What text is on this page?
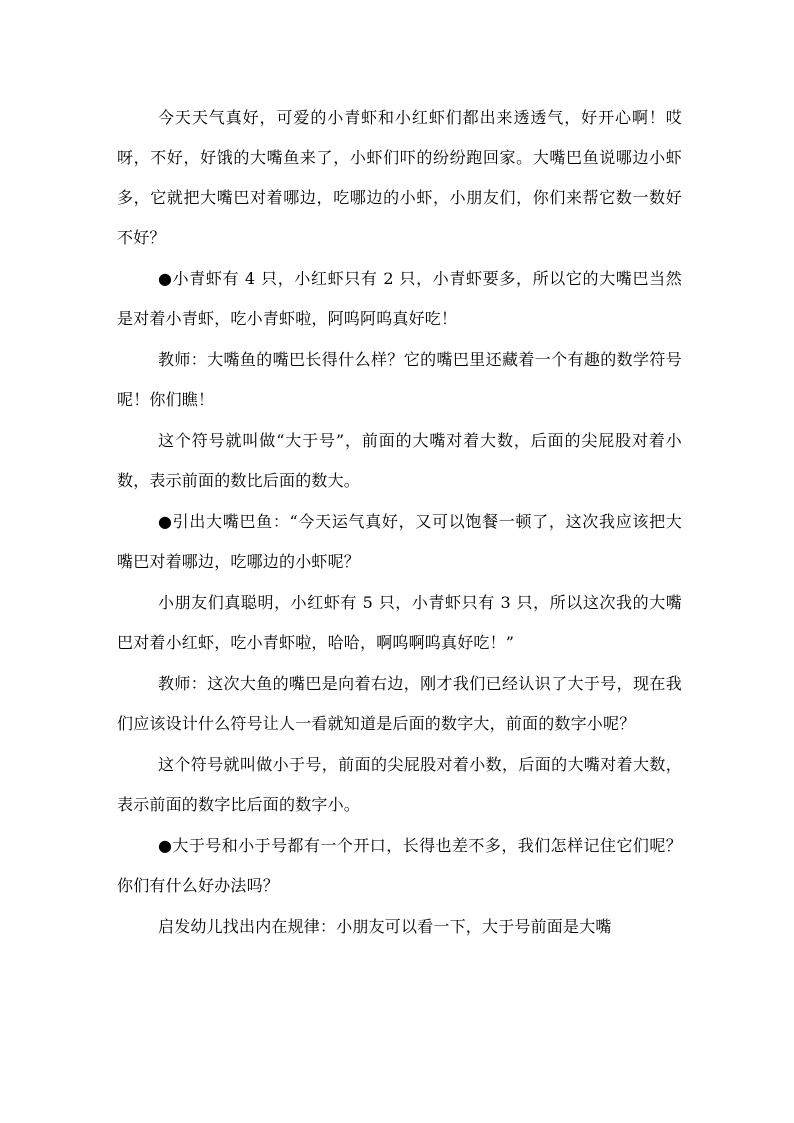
今天天气真好，可爱的小青虾和小红虾们都出来透透气，好开心啊！哎呀，不好，好饿的大嘴鱼来了，小虾们吓的纷纷跑回家。大嘴巴鱼说哪边小虾多，它就把大嘴巴对着哪边，吃哪边的小虾，小朋友们，你们来帮它数一数好不好？

●小青虾有 4 只，小红虾只有 2 只，小青虾要多，所以它的大嘴巴当然是对着小青虾，吃小青虾啦，阿呜阿呜真好吃！

教师：大嘴鱼的嘴巴长得什么样？它的嘴巴里还藏着一个有趣的数学符号呢！你们瞧！

这个符号就叫做“大于号”，前面的大嘴对着大数，后面的尖屁股对着小数，表示前面的数比后面的数大。

●引出大嘴巴鱼：“今天运气真好，又可以饱餐一顿了，这次我应该把大嘴巴对着哪边，吃哪边的小虾呢？

小朋友们真聪明，小红虾有 5 只，小青虾只有 3 只，所以这次我的大嘴巴对着小红虾，吃小青虾啦，哈哈，啊呜啊呜真好吃！”

教师：这次大鱼的嘴巴是向着右边，刚才我们已经认识了大于号，现在我们应该设计什么符号让人一看就知道是后面的数字大，前面的数字小呢？

这个符号就叫做小于号，前面的尖屁股对着小数，后面的大嘴对着大数，表示前面的数字比后面的数字小。

●大于号和小于号都有一个开口，长得也差不多，我们怎样记住它们呢？你们有什么好办法吗？

启发幼儿找出内在规律：小朋友可以看一下，大于号前面是大嘴
